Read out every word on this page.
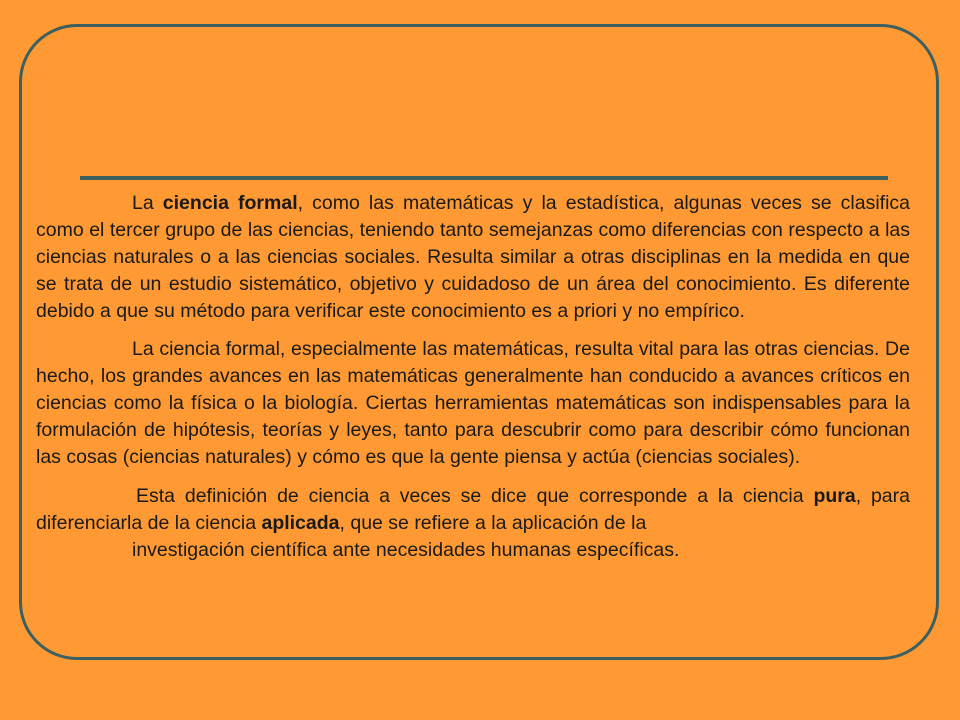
La ciencia formal, como las matemáticas y la estadística, algunas veces se clasifica como el tercer grupo de las ciencias, teniendo tanto semejanzas como diferencias con respecto a las ciencias naturales o a las ciencias sociales. Resulta similar a otras disciplinas en la medida en que se trata de un estudio sistemático, objetivo y cuidadoso de un área del conocimiento. Es diferente debido a que su método para verificar este conocimiento es a priori y no empírico.

La ciencia formal, especialmente las matemáticas, resulta vital para las otras ciencias. De hecho, los grandes avances en las matemáticas generalmente han conducido a avances críticos en ciencias como la física o la biología. Ciertas herramientas matemáticas son indispensables para la formulación de hipótesis, teorías y leyes, tanto para descubrir como para describir cómo funcionan las cosas (ciencias naturales) y cómo es que la gente piensa y actúa (ciencias sociales).

Esta definición de ciencia a veces se dice que corresponde a la ciencia pura, para diferenciarla de la ciencia aplicada, que se refiere a la aplicación de la
investigación científica ante necesidades humanas específicas.
